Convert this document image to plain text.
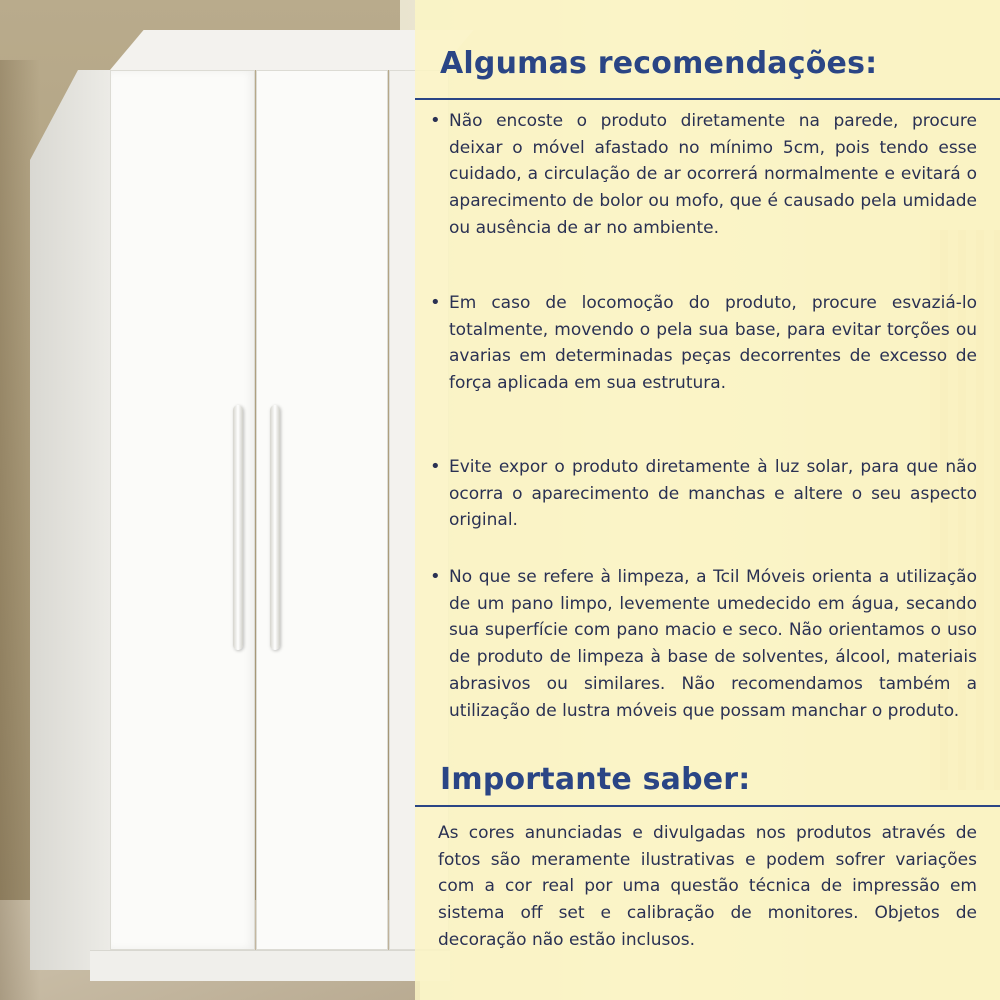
Algumas recomendações:
• Não encoste o produto diretamente na parede, procure deixar o móvel afastado no mínimo 5cm, pois tendo esse cuidado, a circulação de ar ocorrerá normalmente e evitará o aparecimento de bolor ou mofo, que é causado pela umidade ou ausência de ar no ambiente.

• Em caso de locomoção do produto, procure esvaziá-lo totalmente, movendo o pela sua base, para evitar torções ou avarias em determinadas peças decorrentes de excesso de força aplicada em sua estrutura.

• Evite expor o produto diretamente à luz solar, para que não ocorra o aparecimento de manchas e altere o seu aspecto original.

• No que se refere à limpeza, a Tcil Móveis orienta a utilização de um pano limpo, levemente umedecido em água, secando sua superfície com pano macio e seco. Não orientamos o uso de produto de limpeza à base de solventes, álcool, materiais abrasivos ou similares. Não recomendamos também a utilização de lustra móveis que possam manchar o produto.

Importante saber:

As cores anunciadas e divulgadas nos produtos através de fotos são meramente ilustrativas e podem sofrer variações com a cor real por uma questão técnica de impressão em sistema off set e calibração de monitores. Objetos de decoração não estão inclusos.
